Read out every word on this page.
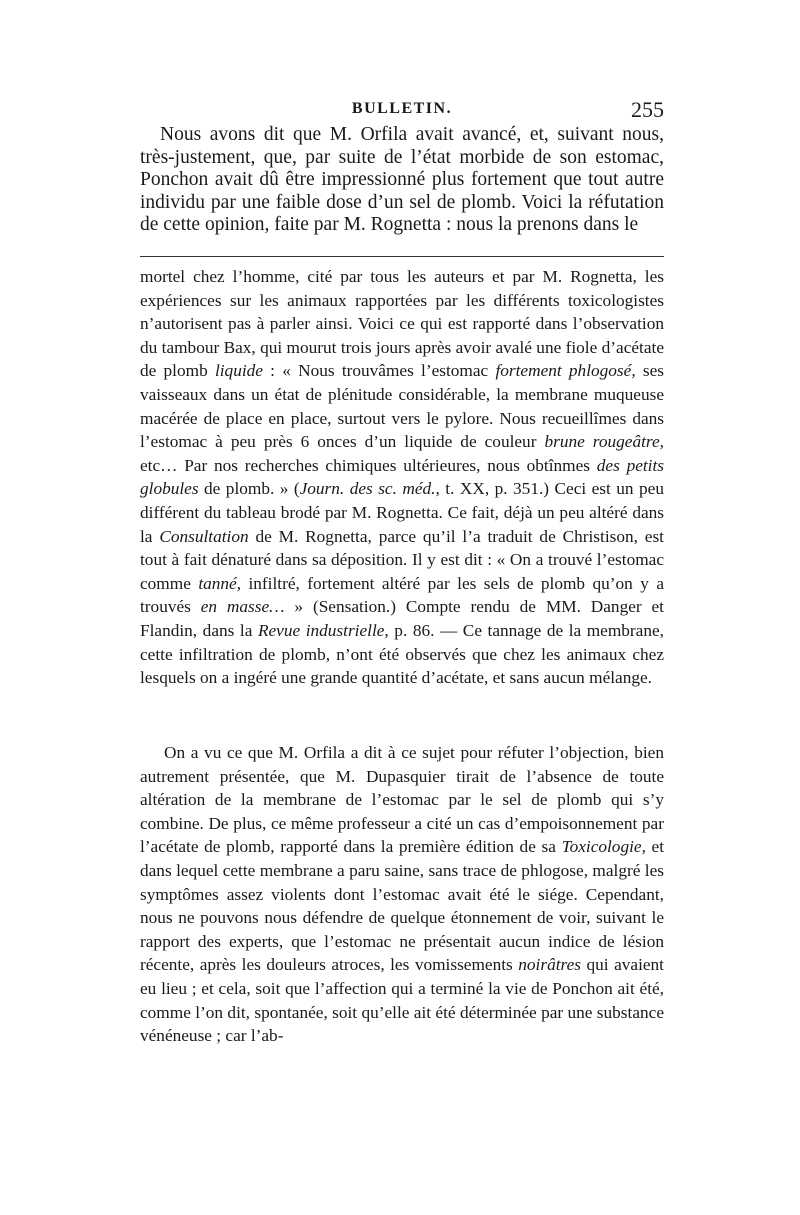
BULLETIN.	255

Nous avons dit que M. Orfila avait avancé, et, suivant nous, très-justement, que, par suite de l’état morbide de son estomac, Ponchon avait dû être impressionné plus fortement que tout autre individu par une faible dose d’un sel de plomb. Voici la réfutation de cette opinion, faite par M. Rognetta : nous la prenons dans le

mortel chez l’homme, cité par tous les auteurs et par M. Rognetta, les expériences sur les animaux rapportées par les différents toxicologistes n’autorisent pas à parler ainsi. Voici ce qui est rapporté dans l’observation du tambour Bax, qui mourut trois jours après avoir avalé une fiole d’acétate de plomb liquide : « Nous trouvâmes l’estomac fortement phlogosé, ses vaisseaux dans un état de plénitude considérable, la membrane muqueuse macérée de place en place, surtout vers le pylore. Nous recueillîmes dans l’estomac à peu près 6 onces d’un liquide de couleur brune rougeâtre, etc… Par nos recherches chimiques ultérieures, nous obtînmes des petits globules de plomb. » (Journ. des sc. méd., t. XX, p. 351.) Ceci est un peu différent du tableau brodé par M. Rognetta. Ce fait, déjà un peu altéré dans la Consultation de M. Rognetta, parce qu’il l’a traduit de Christison, est tout à fait dénaturé dans sa déposition. Il y est dit : « On a trouvé l’estomac comme tanné, infiltré, fortement altéré par les sels de plomb qu’on y a trouvés en masse… » (Sensation.) Compte rendu de MM. Danger et Flandin, dans la Revue industrielle, p. 86. — Ce tannage de la membrane, cette infiltration de plomb, n’ont été observés que chez les animaux chez lesquels on a ingéré une grande quantité d’acétate, et sans aucun mélange.

On a vu ce que M. Orfila a dit à ce sujet pour réfuter l’objection, bien autrement présentée, que M. Dupasquier tirait de l’absence de toute altération de la membrane de l’estomac par le sel de plomb qui s’y combine. De plus, ce même professeur a cité un cas d’empoisonnement par l’acétate de plomb, rapporté dans la première édition de sa Toxicologie, et dans lequel cette membrane a paru saine, sans trace de phlogose, malgré les symptômes assez violents dont l’estomac avait été le siége. Cependant, nous ne pouvons nous défendre de quelque étonnement de voir, suivant le rapport des experts, que l’estomac ne présentait aucun indice de lésion récente, après les douleurs atroces, les vomissements noirâtres qui avaient eu lieu ; et cela, soit que l’affection qui a terminé la vie de Ponchon ait été, comme l’on dit, spontanée, soit qu’elle ait été déterminée par une substance vénéneuse ; car l’ab-
